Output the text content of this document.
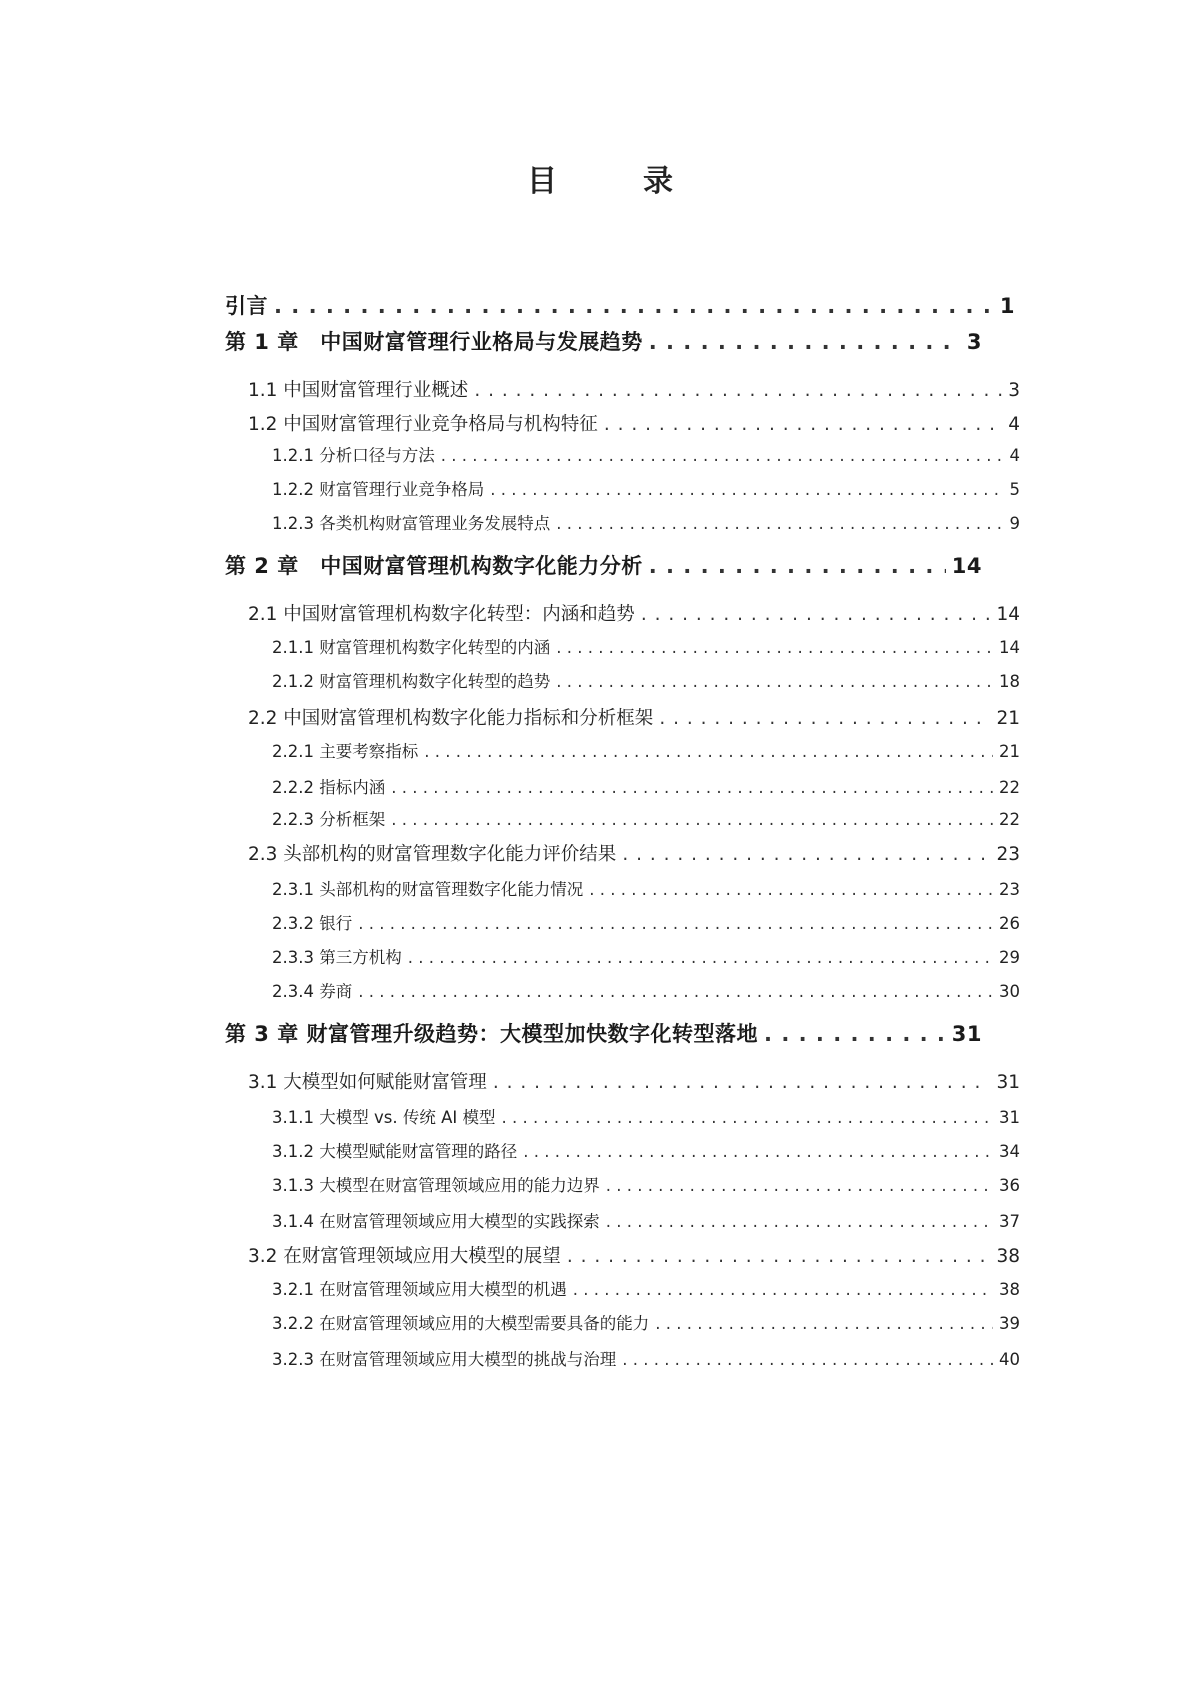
目　录
引言 . . .	1
第 1 章　中国财富管理行业格局与发展趋势 . . .	3
1.1 中国财富管理行业概述 . . .	3
1.2 中国财富管理行业竞争格局与机构特征 . . .	4
1.2.1 分析口径与方法 . . .	4
1.2.2 财富管理行业竞争格局 . . .	5
1.2.3 各类机构财富管理业务发展特点 . . .	9
第 2 章　中国财富管理机构数字化能力分析 . . .	14
2.1 中国财富管理机构数字化转型：内涵和趋势 . . .	14
2.1.1 财富管理机构数字化转型的内涵 . . .	14
2.1.2 财富管理机构数字化转型的趋势 . . .	18
2.2 中国财富管理机构数字化能力指标和分析框架 . . .	21
2.2.1 主要考察指标 . . .	21
2.2.2 指标内涵 . . .	22
2.2.3 分析框架 . . .	22
2.3 头部机构的财富管理数字化能力评价结果 . . .	23
2.3.1 头部机构的财富管理数字化能力情况 . . .	23
2.3.2 银行 . . .	26
2.3.3 第三方机构 . . .	29
2.3.4 券商 . . .	30
第 3 章 财富管理升级趋势：大模型加快数字化转型落地 . . .	31
3.1 大模型如何赋能财富管理 . . .	31
3.1.1 大模型 vs. 传统 AI 模型 . . .	31
3.1.2 大模型赋能财富管理的路径 . . .	34
3.1.3 大模型在财富管理领域应用的能力边界 . . .	36
3.1.4 在财富管理领域应用大模型的实践探索 . . .	37
3.2 在财富管理领域应用大模型的展望 . . .	38
3.2.1 在财富管理领域应用大模型的机遇 . . .	38
3.2.2 在财富管理领域应用的大模型需要具备的能力 . . .	39
3.2.3 在财富管理领域应用大模型的挑战与治理 . . .	40
